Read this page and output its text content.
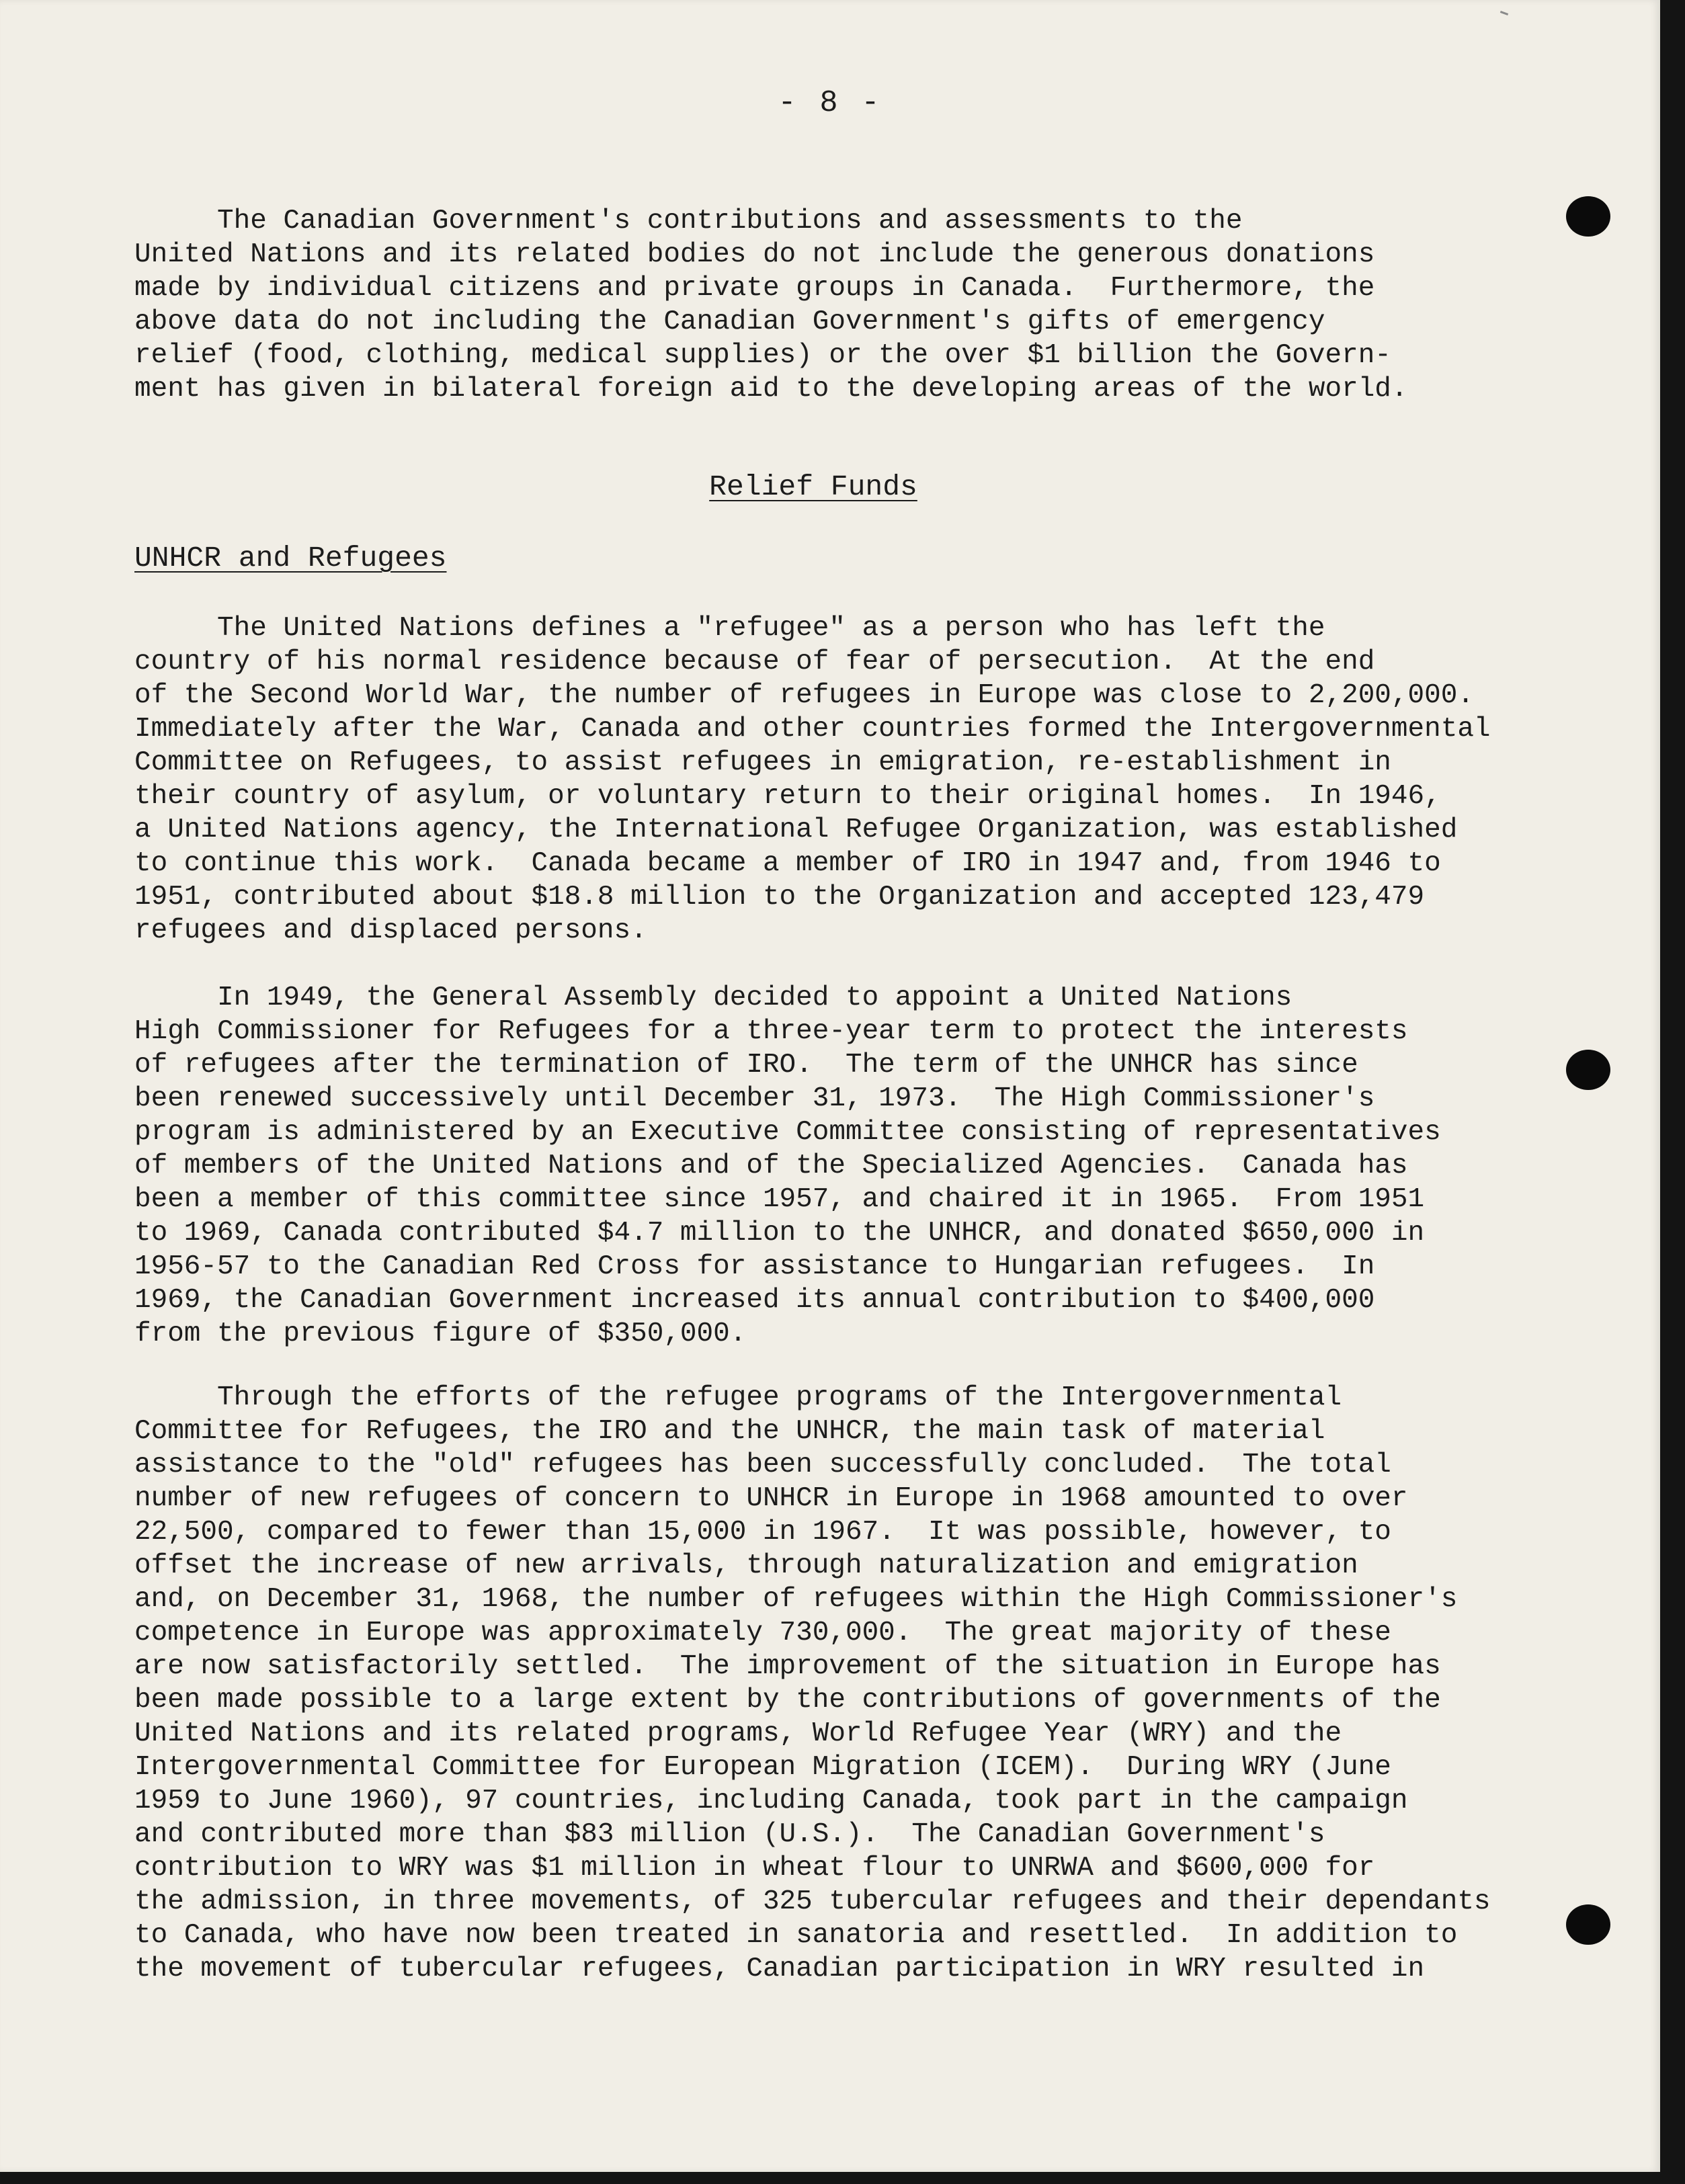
- 8 -
The Canadian Government's contributions and assessments to the
United Nations and its related bodies do not include the generous donations
made by individual citizens and private groups in Canada.  Furthermore, the
above data do not including the Canadian Government's gifts of emergency
relief (food, clothing, medical supplies) or the over $1 billion the Govern-
ment has given in bilateral foreign aid to the developing areas of the world.
Relief Funds
UNHCR and Refugees
The United Nations defines a "refugee" as a person who has left the
country of his normal residence because of fear of persecution.  At the end
of the Second World War, the number of refugees in Europe was close to 2,200,000.
Immediately after the War, Canada and other countries formed the Intergovernmental
Committee on Refugees, to assist refugees in emigration, re-establishment in
their country of asylum, or voluntary return to their original homes.  In 1946,
a United Nations agency, the International Refugee Organization, was established
to continue this work.  Canada became a member of IRO in 1947 and, from 1946 to
1951, contributed about $18.8 million to the Organization and accepted 123,479
refugees and displaced persons.
In 1949, the General Assembly decided to appoint a United Nations
High Commissioner for Refugees for a three-year term to protect the interests
of refugees after the termination of IRO.  The term of the UNHCR has since
been renewed successively until December 31, 1973.  The High Commissioner's
program is administered by an Executive Committee consisting of representatives
of members of the United Nations and of the Specialized Agencies.  Canada has
been a member of this committee since 1957, and chaired it in 1965.  From 1951
to 1969, Canada contributed $4.7 million to the UNHCR, and donated $650,000 in
1956-57 to the Canadian Red Cross for assistance to Hungarian refugees.  In
1969, the Canadian Government increased its annual contribution to $400,000
from the previous figure of $350,000.
Through the efforts of the refugee programs of the Intergovernmental
Committee for Refugees, the IRO and the UNHCR, the main task of material
assistance to the "old" refugees has been successfully concluded.  The total
number of new refugees of concern to UNHCR in Europe in 1968 amounted to over
22,500, compared to fewer than 15,000 in 1967.  It was possible, however, to
offset the increase of new arrivals, through naturalization and emigration
and, on December 31, 1968, the number of refugees within the High Commissioner's
competence in Europe was approximately 730,000.  The great majority of these
are now satisfactorily settled.  The improvement of the situation in Europe has
been made possible to a large extent by the contributions of governments of the
United Nations and its related programs, World Refugee Year (WRY) and the
Intergovernmental Committee for European Migration (ICEM).  During WRY (June
1959 to June 1960), 97 countries, including Canada, took part in the campaign
and contributed more than $83 million (U.S.).  The Canadian Government's
contribution to WRY was $1 million in wheat flour to UNRWA and $600,000 for
the admission, in three movements, of 325 tubercular refugees and their dependants
to Canada, who have now been treated in sanatoria and resettled.  In addition to
the movement of tubercular refugees, Canadian participation in WRY resulted in
